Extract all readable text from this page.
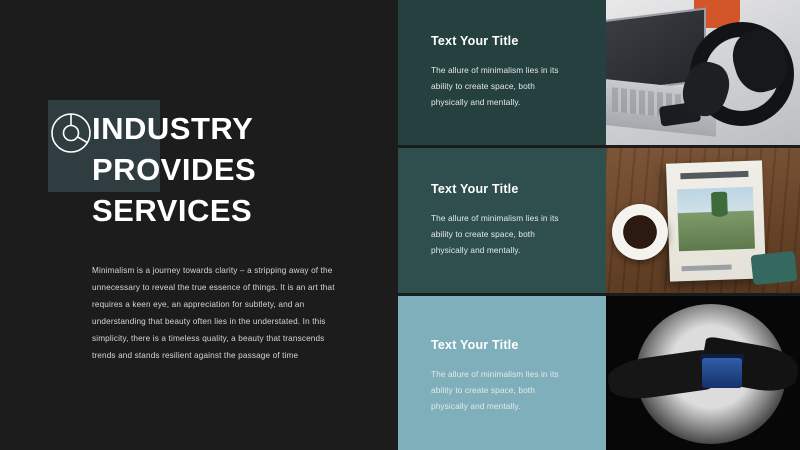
INDUSTRY
PROVIDES
SERVICES
Minimalism is a journey towards clarity – a stripping away of the unnecessary to reveal the true essence of things. It is an art that requires a keen eye, an appreciation for subtlety, and an understanding that beauty often lies in the understated. In this simplicity, there is a timeless quality, a beauty that transcends trends and stands resilient against the passage of time
Text Your Title
The allure of minimalism lies in its ability to create space, both physically and mentally.
Text Your Title
The allure of minimalism lies in its ability to create space, both physically and mentally.
Text Your Title
The allure of minimalism lies in its ability to create space, both physically and mentally.
